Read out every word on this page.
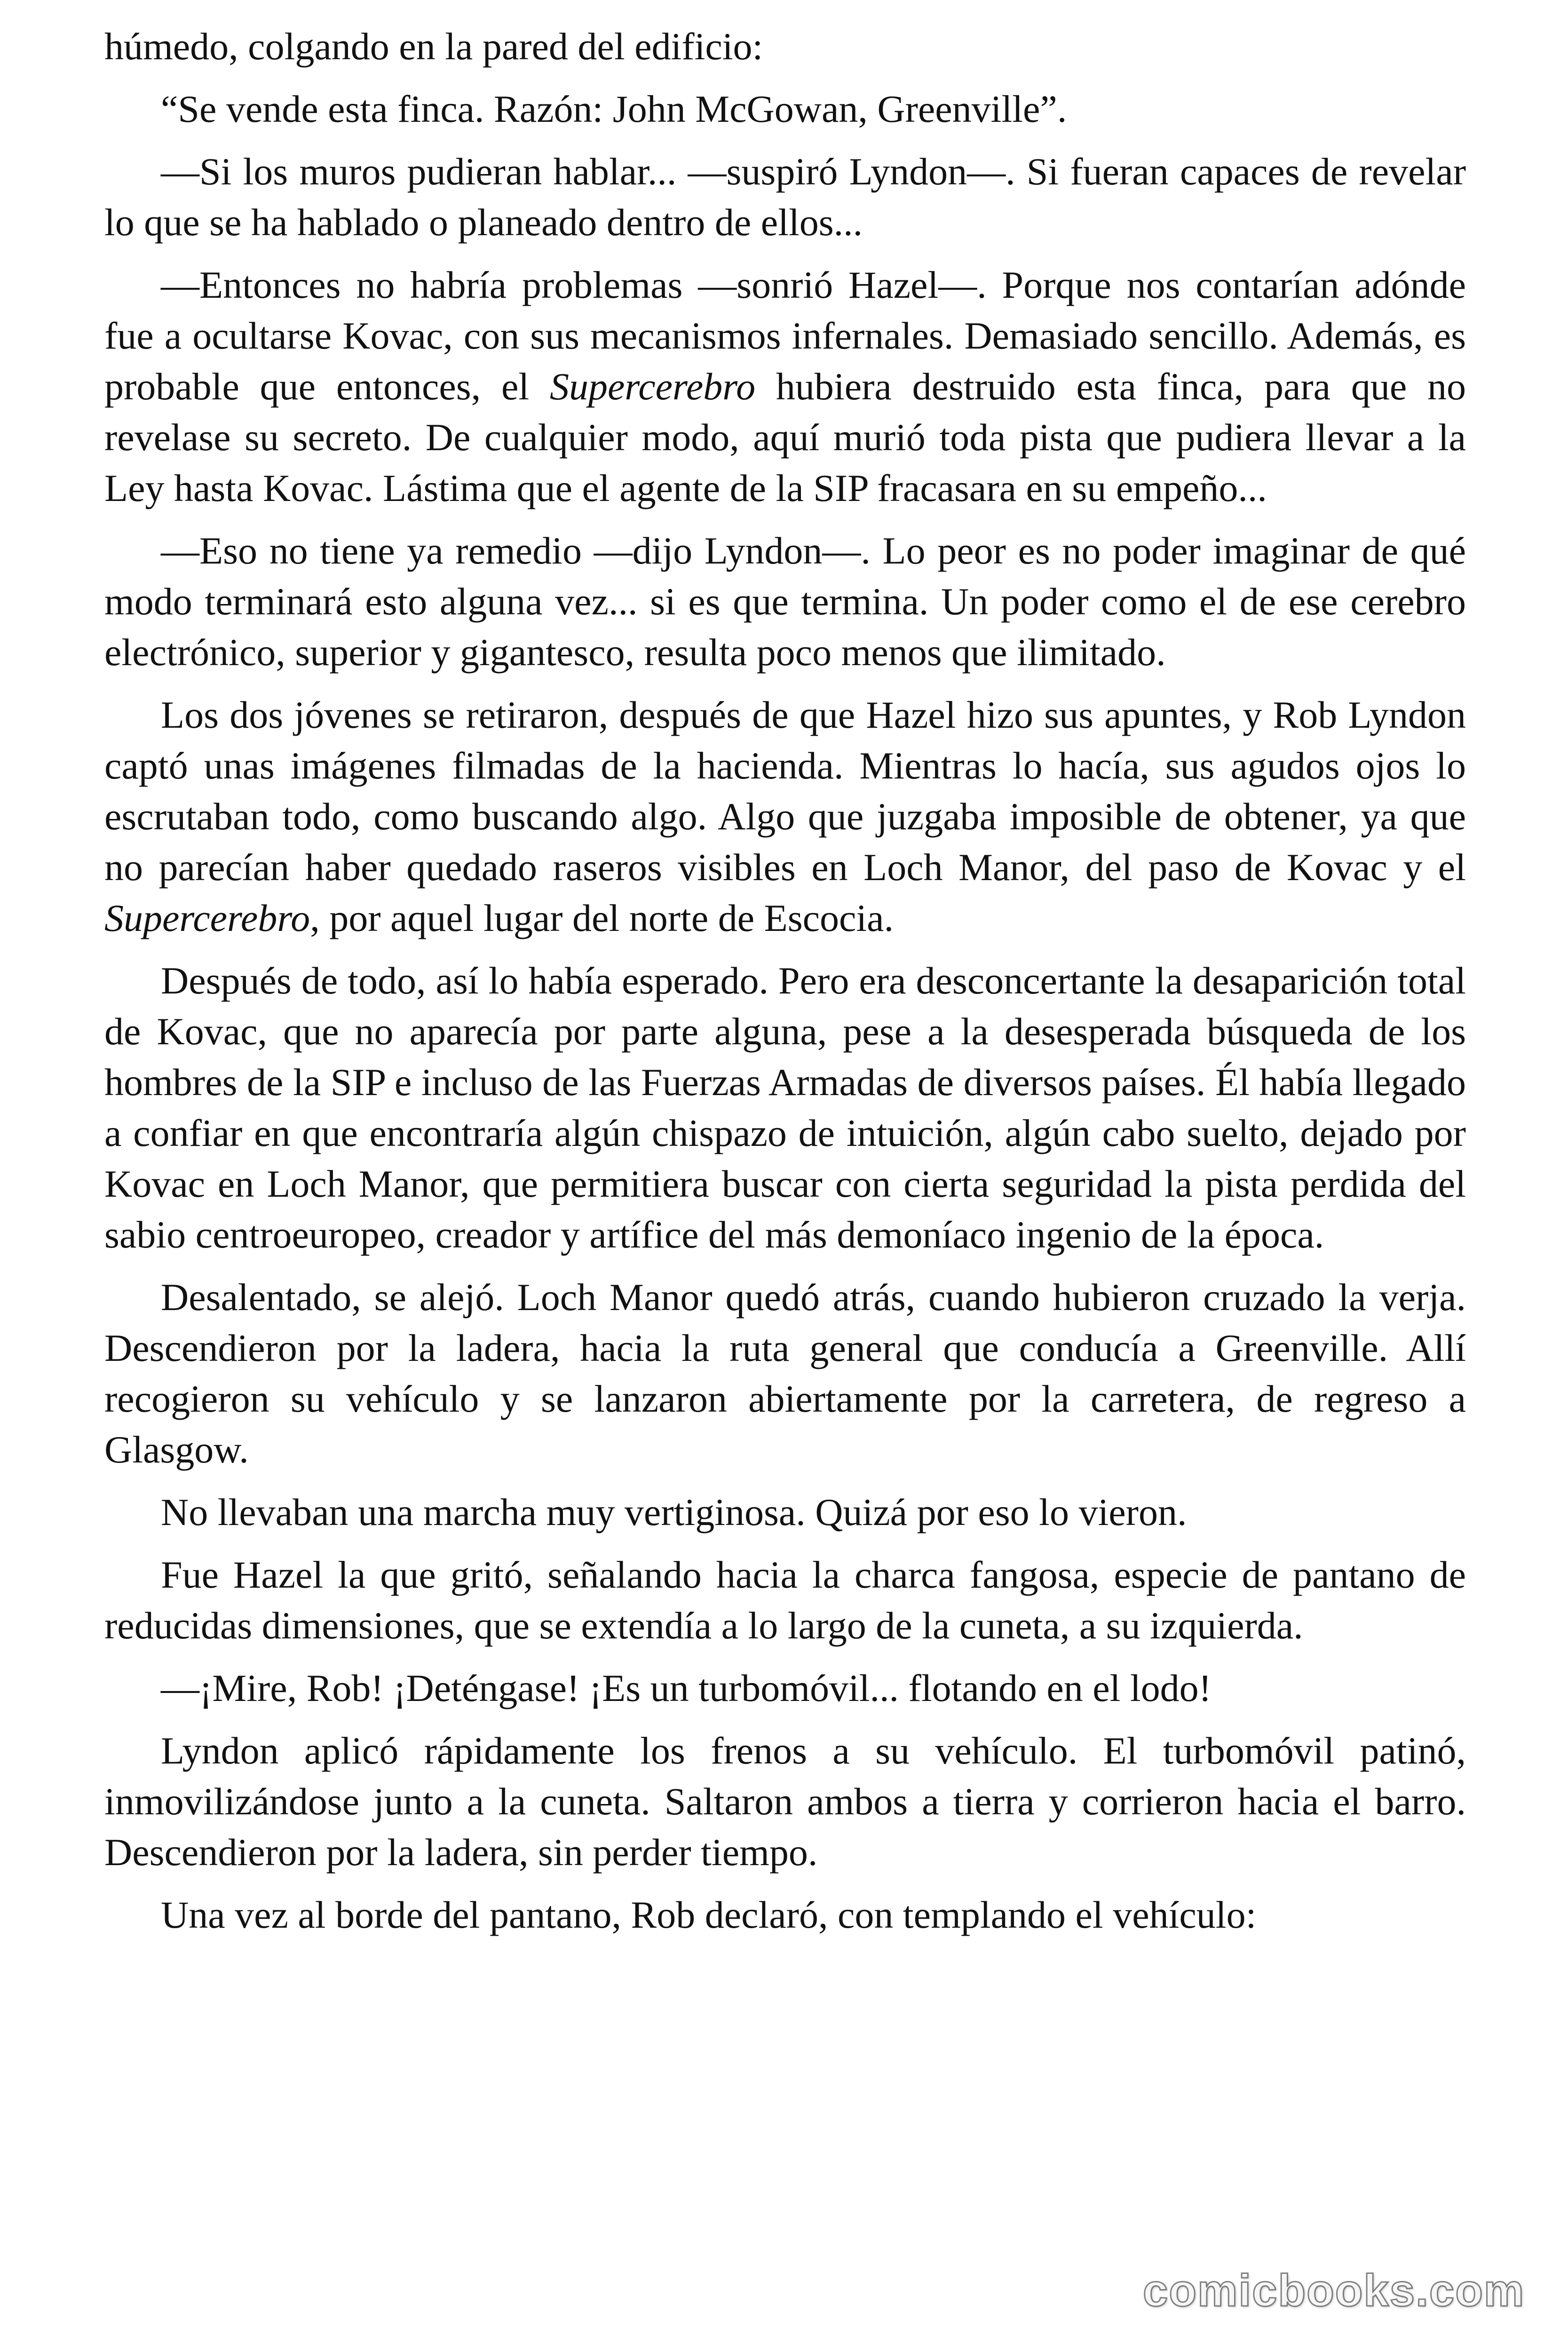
húmedo, colgando en la pared del edificio:

“Se vende esta finca. Razón: John McGowan, Greenville”.

—Si los muros pudieran hablar... —suspiró Lyndon—. Si fueran capaces de revelar lo que se ha hablado o planeado dentro de ellos...

—Entonces no habría problemas —sonrió Hazel—. Porque nos contarían adónde fue a ocultarse Kovac, con sus mecanismos infernales. Demasiado sencillo. Además, es probable que entonces, el Supercerebro hubiera destruido esta finca, para que no revelase su secreto. De cualquier modo, aquí murió toda pista que pudiera llevar a la Ley hasta Kovac. Lástima que el agente de la SIP fracasara en su empeño...

—Eso no tiene ya remedio —dijo Lyndon—. Lo peor es no poder imaginar de qué modo terminará esto alguna vez... si es que termina. Un poder como el de ese cerebro electrónico, superior y gigantesco, resulta poco menos que ilimitado.

Los dos jóvenes se retiraron, después de que Hazel hizo sus apuntes, y Rob Lyndon captó unas imágenes filmadas de la hacienda. Mientras lo hacía, sus agudos ojos lo escrutaban todo, como buscando algo. Algo que juzgaba imposible de obtener, ya que no parecían haber quedado raseros visibles en Loch Manor, del paso de Kovac y el Supercerebro, por aquel lugar del norte de Escocia.

Después de todo, así lo había esperado. Pero era desconcertante la desaparición total de Kovac, que no aparecía por parte alguna, pese a la desesperada búsqueda de los hombres de la SIP e incluso de las Fuerzas Armadas de diversos países. Él había llegado a confiar en que encontraría algún chispazo de intuición, algún cabo suelto, dejado por Kovac en Loch Manor, que permitiera buscar con cierta seguridad la pista perdida del sabio centroeuropeo, creador y artífice del más demoníaco ingenio de la época.

Desalentado, se alejó. Loch Manor quedó atrás, cuando hubieron cruzado la verja. Descendieron por la ladera, hacia la ruta general que conducía a Greenville. Allí recogieron su vehículo y se lanzaron abiertamente por la carretera, de regreso a Glasgow.

No llevaban una marcha muy vertiginosa. Quizá por eso lo vieron.

Fue Hazel la que gritó, señalando hacia la charca fangosa, especie de pantano de reducidas dimensiones, que se extendía a lo largo de la cuneta, a su izquierda.

—¡Mire, Rob! ¡Deténgase! ¡Es un turbomóvil... flotando en el lodo!

Lyndon aplicó rápidamente los frenos a su vehículo. El turbomóvil patinó, inmovilizándose junto a la cuneta. Saltaron ambos a tierra y corrieron hacia el barro. Descendieron por la ladera, sin perder tiempo.

Una vez al borde del pantano, Rob declaró, con templando el vehículo:

comicbooks.com
